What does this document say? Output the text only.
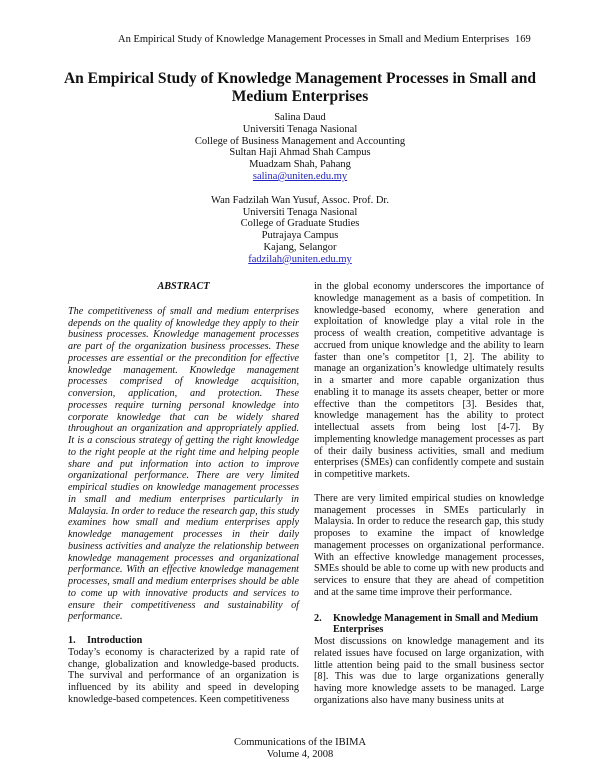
An Empirical Study of Knowledge Management Processes in Small and Medium Enterprises 169
An Empirical Study of Knowledge Management Processes in Small and Medium Enterprises
Salina Daud
Universiti Tenaga Nasional
College of Business Management and Accounting
Sultan Haji Ahmad Shah Campus
Muadzam Shah, Pahang
salina@uniten.edu.my
Wan Fadzilah Wan Yusuf, Assoc. Prof. Dr.
Universiti Tenaga Nasional
College of Graduate Studies
Putrajaya Campus
Kajang, Selangor
fadzilah@uniten.edu.my
ABSTRACT

The competitiveness of small and medium enterprises depends on the quality of knowledge they apply to their business processes. Knowledge management processes are part of the organization business processes. These processes are essential or the precondition for effective knowledge management. Knowledge management processes comprised of knowledge acquisition, conversion, application, and protection. These processes require turning personal knowledge into corporate knowledge that can be widely shared throughout an organization and appropriately applied. It is a conscious strategy of getting the right knowledge to the right people at the right time and helping people share and put information into action to improve organizational performance. There are very limited empirical studies on knowledge management processes in small and medium enterprises particularly in Malaysia. In order to reduce the research gap, this study examines how small and medium enterprises apply knowledge management processes in their daily business activities and analyze the relationship between knowledge management processes and organizational performance. With an effective knowledge management processes, small and medium enterprises should be able to come up with innovative products and services to ensure their competitiveness and sustainability of performance.

1. Introduction

Today’s economy is characterized by a rapid rate of change, globalization and knowledge-based products. The survival and performance of an organization is influenced by its ability and speed in developing knowledge-based competences. Keen competitiveness

in the global economy underscores the importance of knowledge management as a basis of competition. In knowledge-based economy, where generation and exploitation of knowledge play a vital role in the process of wealth creation, competitive advantage is accrued from unique knowledge and the ability to learn faster than one’s competitor [1, 2]. The ability to manage an organization’s knowledge ultimately results in a smarter and more capable organization thus enabling it to manage its assets cheaper, better or more effective than the competitors [3]. Besides that, knowledge management has the ability to protect intellectual assets from being lost [4-7]. By implementing knowledge management processes as part of their daily business activities, small and medium enterprises (SMEs) can confidently compete and sustain in competitive markets.

There are very limited empirical studies on knowledge management processes in SMEs particularly in Malaysia. In order to reduce the research gap, this study proposes to examine the impact of knowledge management processes on organizational performance. With an effective knowledge management processes, SMEs should be able to come up with new products and services to ensure that they are ahead of competition and at the same time improve their performance.

2. Knowledge Management in Small and Medium
Enterprises

Most discussions on knowledge management and its related issues have focused on large organization, with little attention being paid to the small business sector [8]. This was due to large organizations generally having more knowledge assets to be managed. Large organizations also have many business units at

Communications of the IBIMA
Volume 4, 2008
